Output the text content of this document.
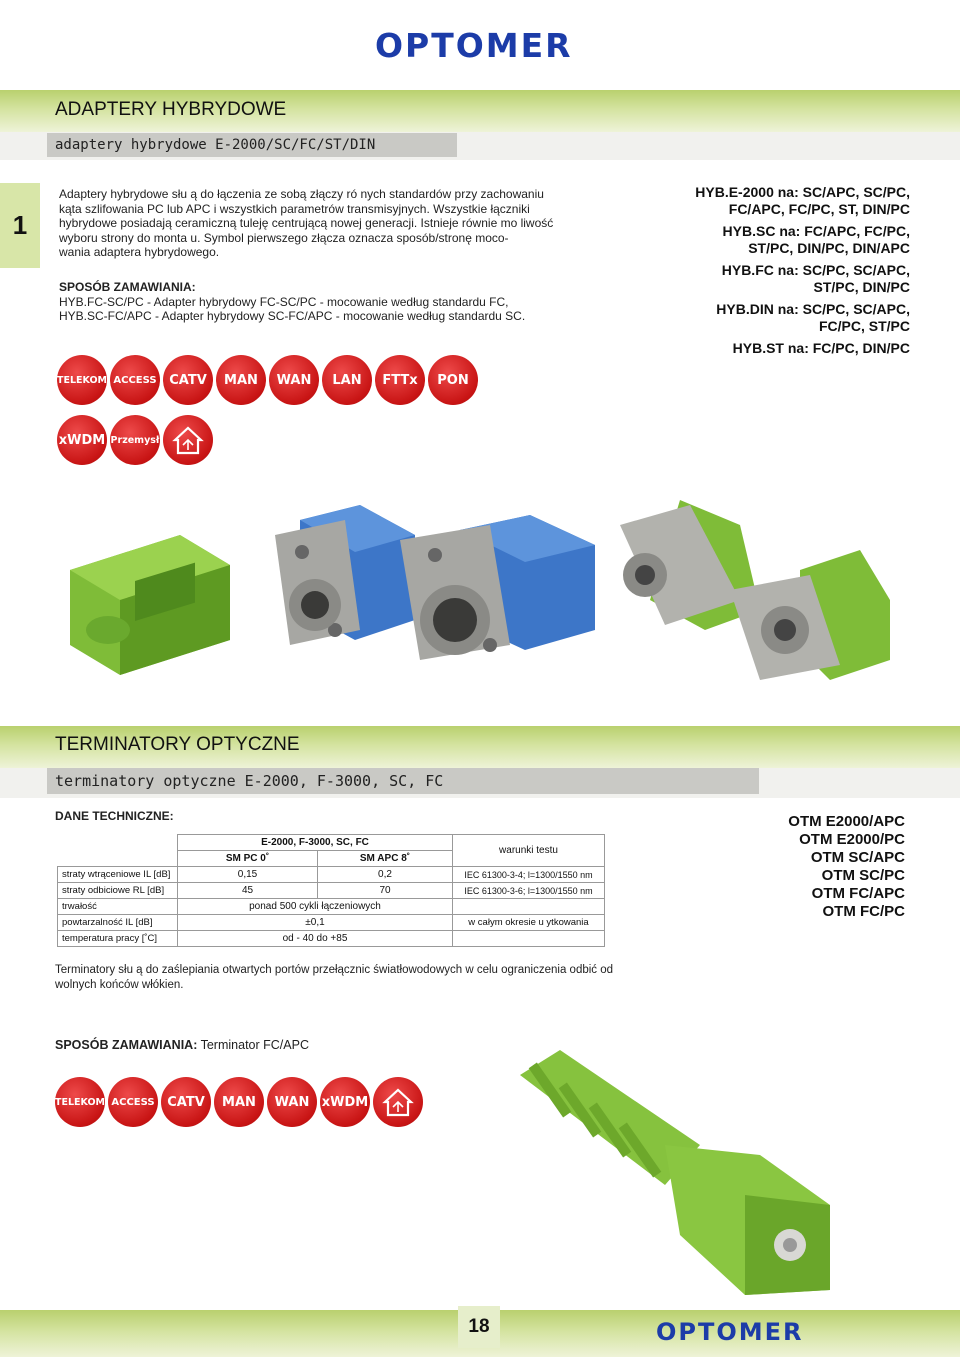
OPTOMER
ADAPTERY HYBRYDOWE
adaptery hybrydowe E-2000/SC/FC/ST/DIN
1
Adaptery hybrydowe słu ą do łączenia ze sobą złączy ró nych standardów przy zachowaniu
kąta szlifowania PC lub APC i wszystkich parametrów transmisyjnych. Wszystkie łączniki
hybrydowe posiadają ceramiczną tuleję centrującą nowej generacji. Istnieje równie mo liwość
wyboru strony do monta u. Symbol pierwszego złącza oznacza sposób/stronę moco-
wania adaptera hybrydowego.
SPOSÓB ZAMAWIANIA:
HYB.FC-SC/PC - Adapter hybrydowy FC-SC/PC - mocowanie według standardu FC,
HYB.SC-FC/APC - Adapter hybrydowy SC-FC/APC - mocowanie według standardu SC.
HYB.E-2000 na: SC/APC, SC/PC,
FC/APC, FC/PC, ST, DIN/PC
HYB.SC na: FC/APC, FC/PC,
ST/PC, DIN/PC, DIN/APC
HYB.FC na: SC/PC, SC/APC,
ST/PC, DIN/PC
HYB.DIN na: SC/PC, SC/APC,
FC/PC, ST/PC
HYB.ST na: FC/PC, DIN/PC
TELEKOM ACCESS CATV	MAN	WAN	LAN	FTTx	PON
xWDM Przemysł
TERMINATORY OPTYCZNE
terminatory optyczne E-2000, F-3000, SC, FC
DANE TECHNICZNE:
	E-2000, F-3000, SC, FC		warunki testu
	SM PC 0˚	SM APC 8˚	
straty wtrąceniowe IL [dB]	0,15	0,2	IEC 61300-3-4; l=1300/1550 nm
straty odbiciowe RL [dB]	45	70	IEC 61300-3-6; l=1300/1550 nm
trwałość	ponad 500 cykli łączeniowych		
powtarzalność IL [dB]	±0,1		w całym okresie u ytkowania
temperatura pracy [˚C]	od - 40 do +85		
OTM E2000/APC
OTM E2000/PC
OTM SC/APC
OTM SC/PC
OTM FC/APC
OTM FC/PC
Terminatory słu ą do zaślepiania otwartych portów przełącznic światłowodowych w celu ograniczenia odbić od
wolnych końców włókien.
SPOSÓB ZAMAWIANIA: Terminator FC/APC
TELEKOM ACCESS CATV	MAN	WAN xWDM
18	OPTOMER
